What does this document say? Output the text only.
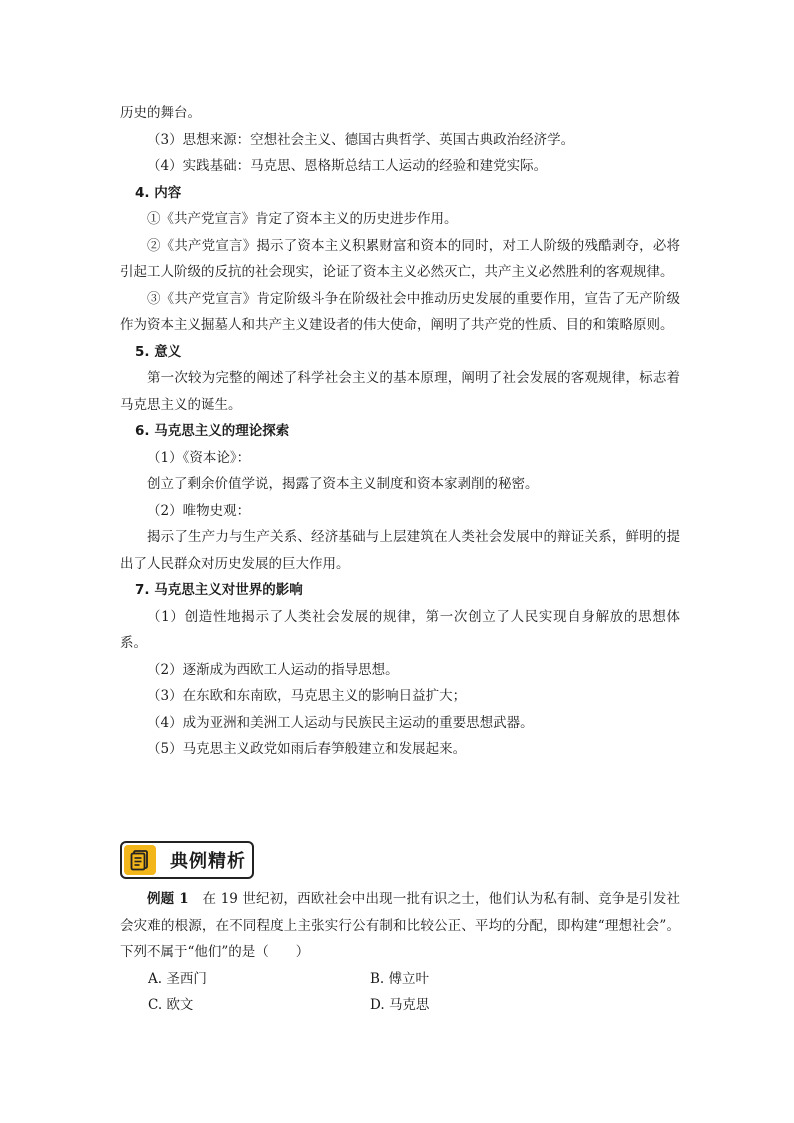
历史的舞台。

（3）思想来源：空想社会主义、德国古典哲学、英国古典政治经济学。

（4）实践基础：马克思、恩格斯总结工人运动的经验和建党实际。

4. 内容

①《共产党宣言》肯定了资本主义的历史进步作用。

②《共产党宣言》揭示了资本主义积累财富和资本的同时，对工人阶级的残酷剥夺，必将引起工人阶级的反抗的社会现实，论证了资本主义必然灭亡，共产主义必然胜利的客观规律。

③《共产党宣言》肯定阶级斗争在阶级社会中推动历史发展的重要作用，宣告了无产阶级作为资本主义掘墓人和共产主义建设者的伟大使命，阐明了共产党的性质、目的和策略原则。

5. 意义

第一次较为完整的阐述了科学社会主义的基本原理，阐明了社会发展的客观规律，标志着马克思主义的诞生。

6. 马克思主义的理论探索

（1）《资本论》：

创立了剩余价值学说，揭露了资本主义制度和资本家剥削的秘密。

（2）唯物史观：

揭示了生产力与生产关系、经济基础与上层建筑在人类社会发展中的辩证关系，鲜明的提出了人民群众对历史发展的巨大作用。

7. 马克思主义对世界的影响

（1）创造性地揭示了人类社会发展的规律，第一次创立了人民实现自身解放的思想体系。

（2）逐渐成为西欧工人运动的指导思想。

（3）在东欧和东南欧，马克思主义的影响日益扩大；

（4）成为亚洲和美洲工人运动与民族民主运动的重要思想武器。

（5）马克思主义政党如雨后春笋般建立和发展起来。

典例精析

例题 1　 在 19 世纪初，西欧社会中出现一批有识之士，他们认为私有制、竞争是引发社会灾难的根源，在不同程度上主张实行公有制和比较公正、平均的分配，即构建“理想社会”。下列不属于“他们”的是（　　）

A. 圣西门	B. 傅立叶
C. 欧文	D. 马克思
